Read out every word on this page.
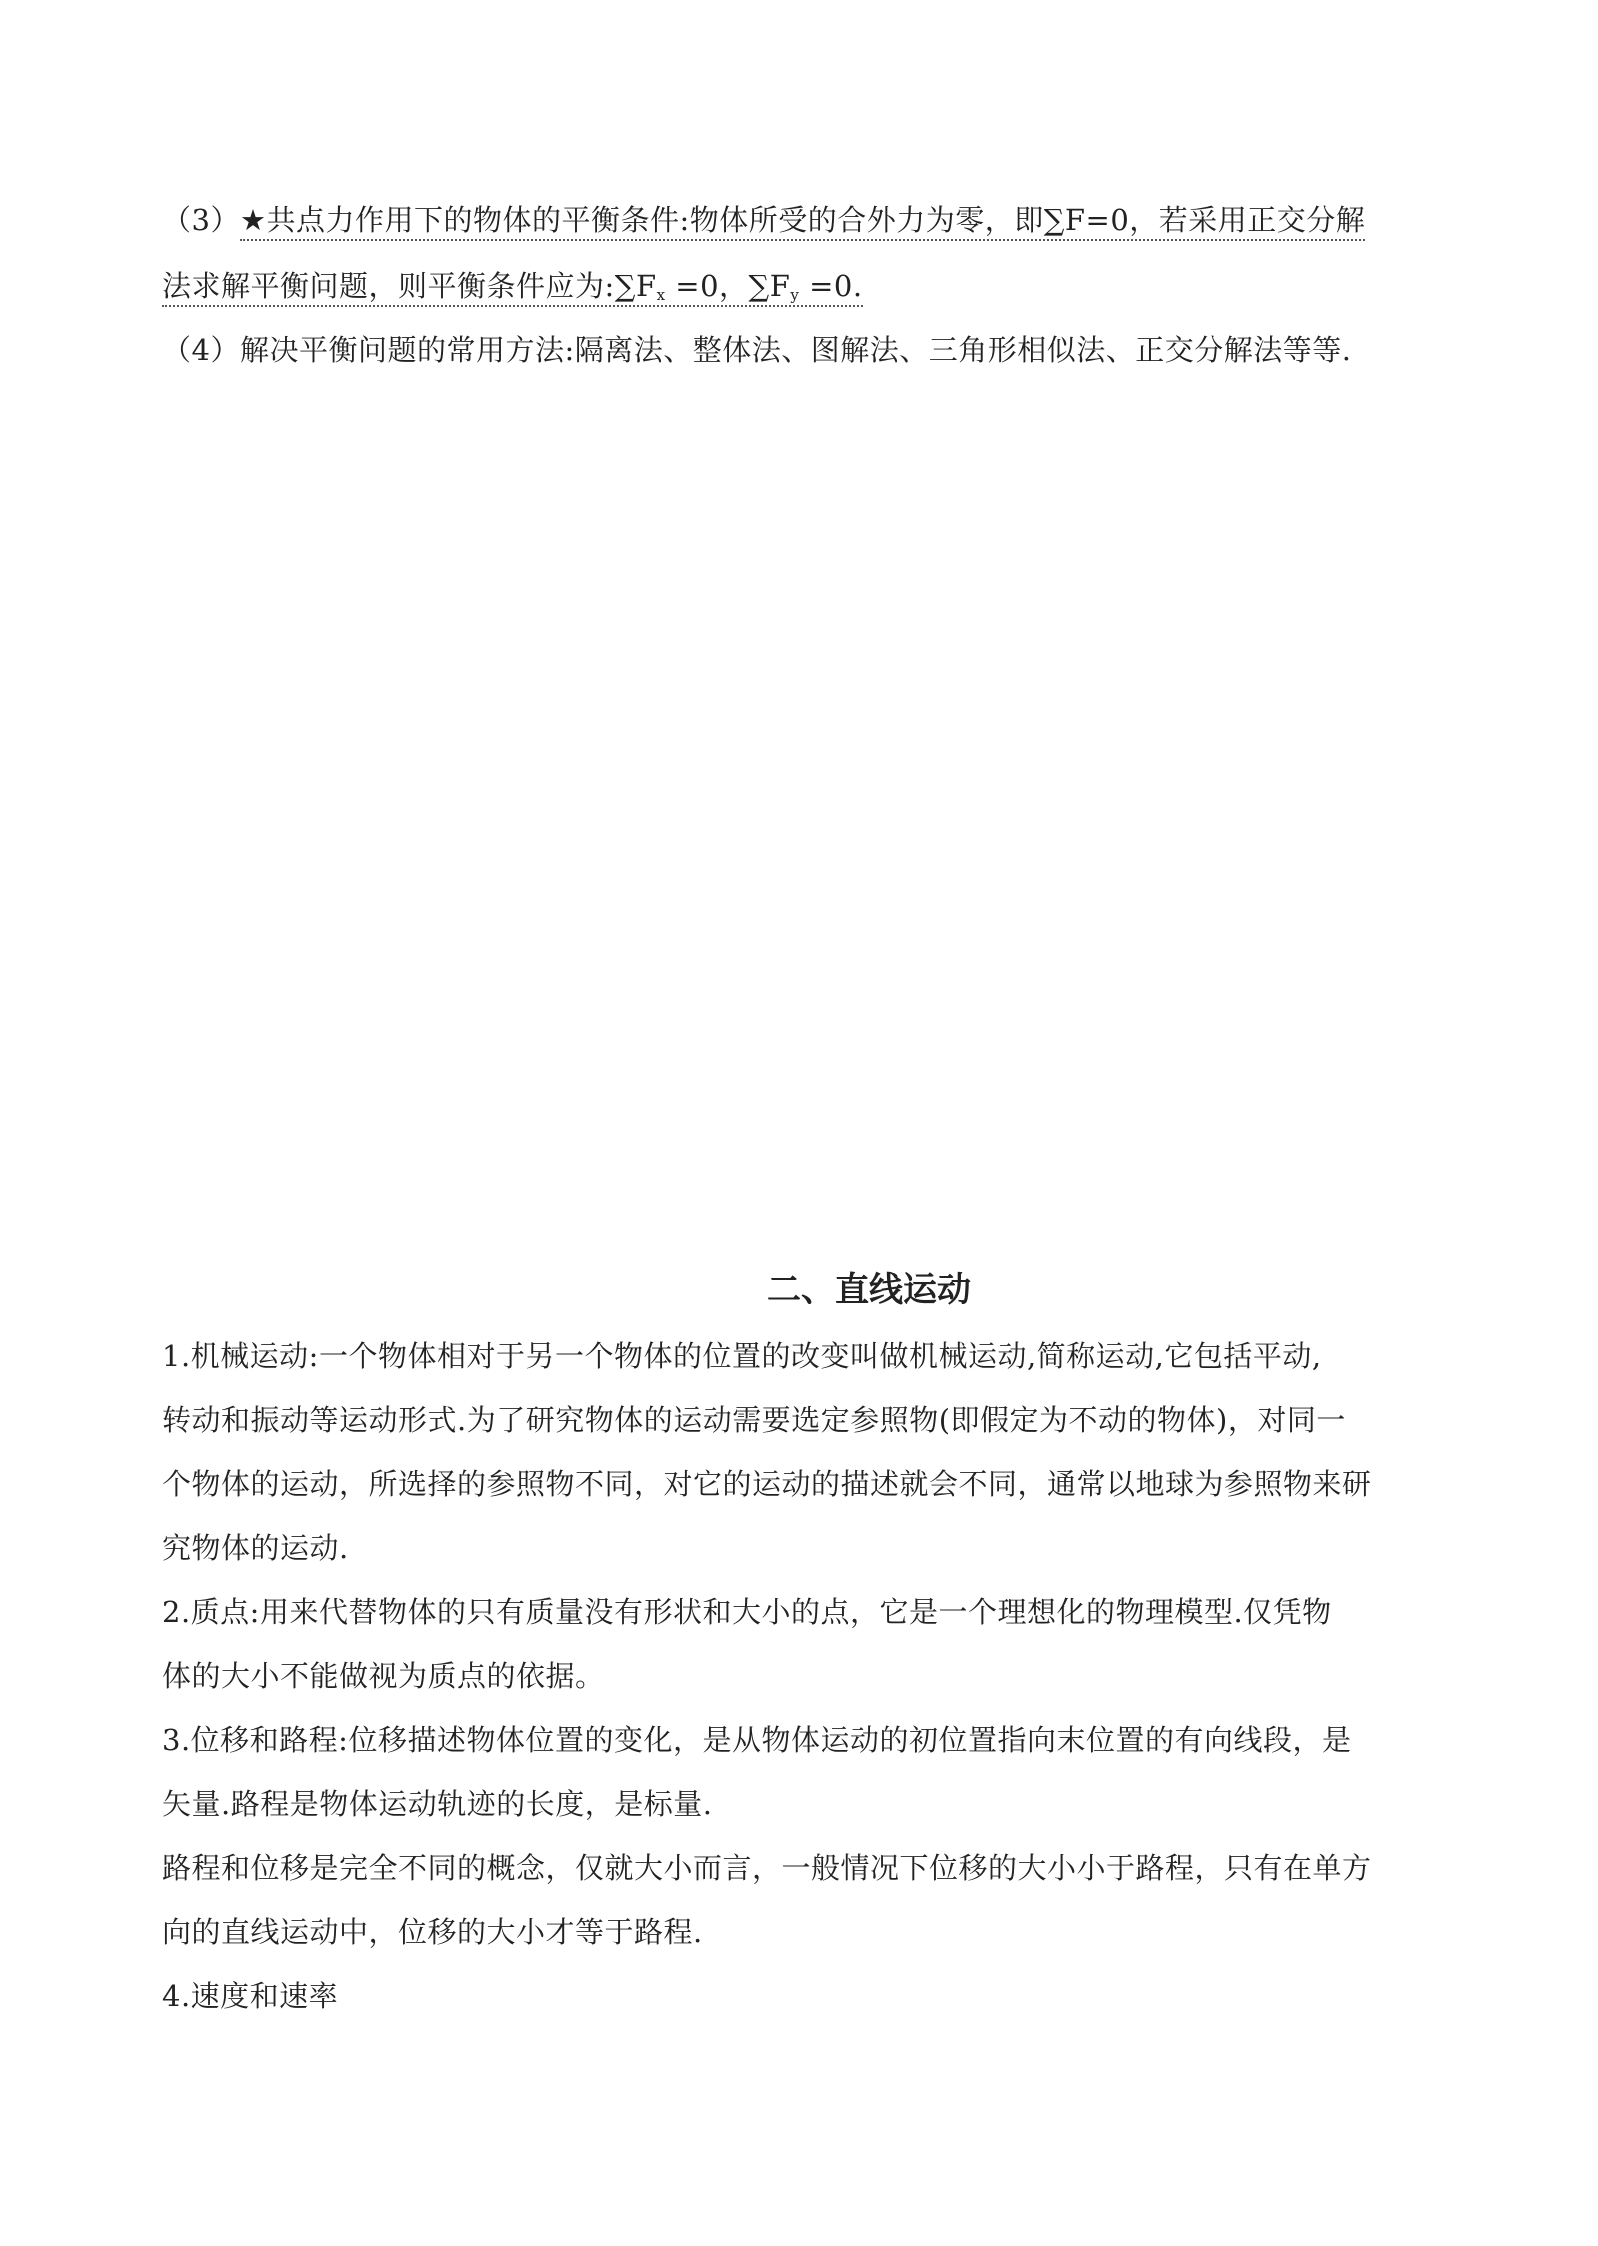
（3）★共点力作用下的物体的平衡条件:物体所受的合外力为零，即∑F=0，若采用正交分解
法求解平衡问题，则平衡条件应为$:\sum F_x =0$，$\sum F_y =0$.
（4）解决平衡问题的常用方法:隔离法、整体法、图解法、三角形相似法、正交分解法等等.
二、直线运动
1.机械运动:一个物体相对于另一个物体的位置的改变叫做机械运动,简称运动,它包括平动,
转动和振动等运动形式.为了研究物体的运动需要选定参照物(即假定为不动的物体)，对同一
个物体的运动，所选择的参照物不同，对它的运动的描述就会不同，通常以地球为参照物来研
究物体的运动.
2.质点:用来代替物体的只有质量没有形状和大小的点，它是一个理想化的物理模型.仅凭物
体的大小不能做视为质点的依据。
3.位移和路程:位移描述物体位置的变化，是从物体运动的初位置指向末位置的有向线段，是
矢量.路程是物体运动轨迹的长度，是标量.
路程和位移是完全不同的概念，仅就大小而言，一般情况下位移的大小小于路程，只有在单方
向的直线运动中，位移的大小才等于路程.
4.速度和速率
